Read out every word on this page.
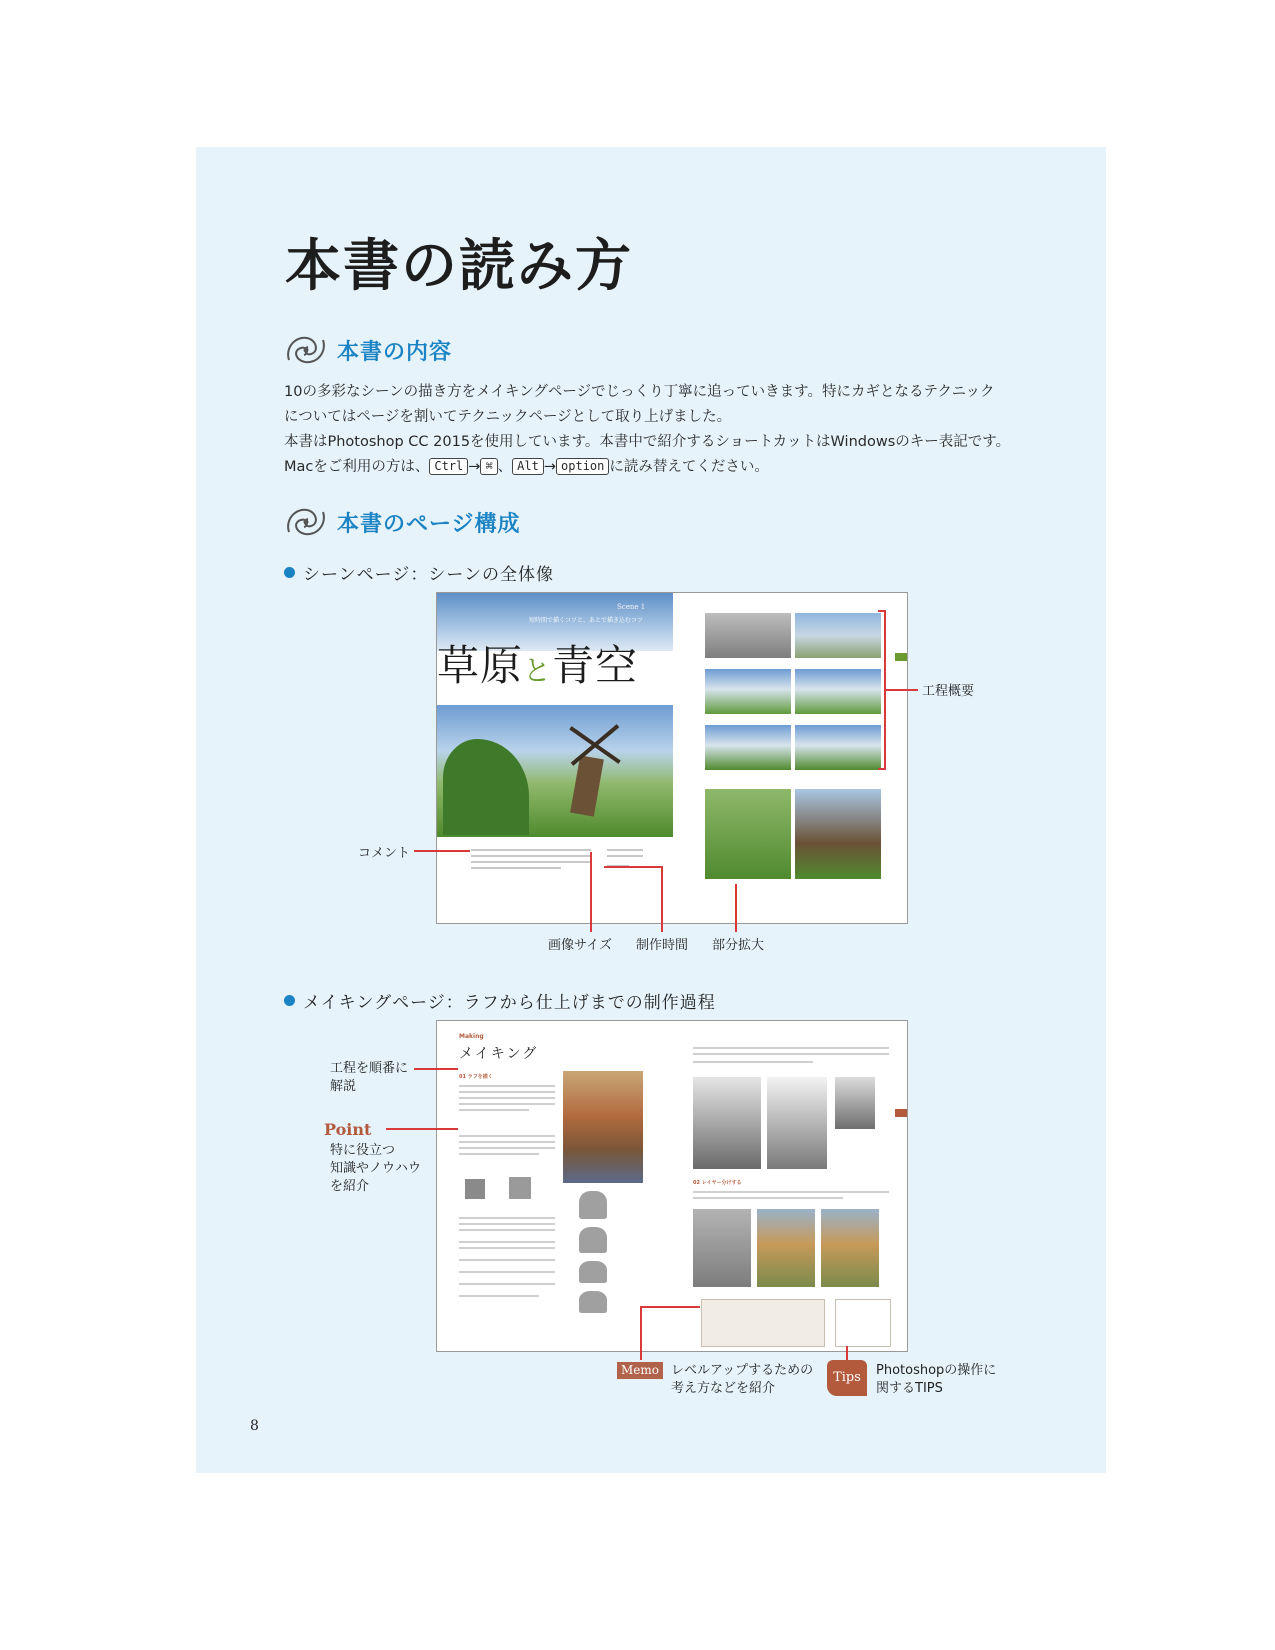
本書の読み方
本書の内容

10の多彩なシーンの描き方をメイキングページでじっくり丁寧に追っていきます。特にカギとなるテクニック

についてはページを割いてテクニックページとして取り上げました。

本書はPhotoshop CC 2015を使用しています。本書中で紹介するショートカットはWindowsのキー表記です。

Macをご利用の方は、 Ctrl → ⌘ 、 Alt → option に読み替えてください。

本書のページ構成
シーンページ：シーンの全体像
Scene 1
短時間で描くコツと、あとで描き込むコツ
草原と青空
工程概要
コメント
画像サイズ 制作時間 部分拡大
メイキングページ：ラフから仕上げまでの制作過程
Making
メイキング
01 ラフを描く
02 レイヤー分けする
工程を順番に
解説
Point
特に役立つ
知識やノウハウ
を紹介
Memo レベルアップするための
考え方などを紹介
Tips	Photoshopの操作に
関するTIPS
8
